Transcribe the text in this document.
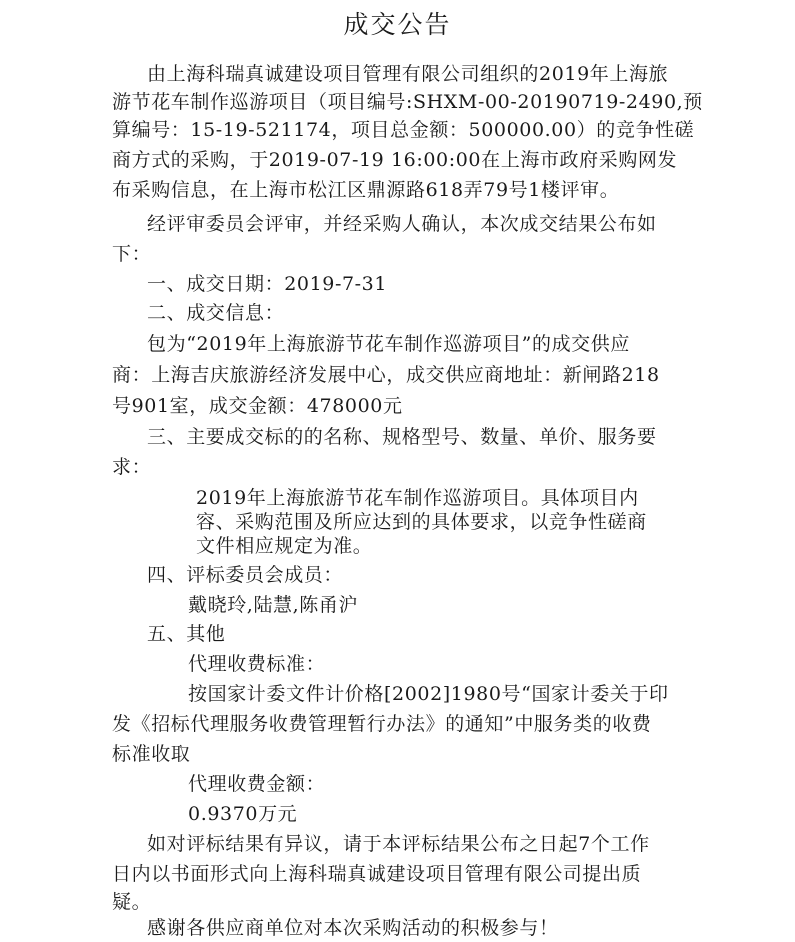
成交公告
由上海科瑞真诚建设项目管理有限公司组织的2019年上海旅
游节花车制作巡游项目（项目编号:SHXM-00-20190719-2490,预
算编号：15-19-521174，项目总金额：500000.00）的竞争性磋
商方式的采购，于2019-07-19 16:00:00在上海市政府采购网发
布采购信息，在上海市松江区鼎源路618弄79号1楼评审。
经评审委员会评审，并经采购人确认，本次成交结果公布如
下：
一、成交日期：2019-7-31
二、成交信息：
包为“2019年上海旅游节花车制作巡游项目”的成交供应
商：上海吉庆旅游经济发展中心，成交供应商地址：新闸路218
号901室，成交金额：478000元
三、主要成交标的的名称、规格型号、数量、单价、服务要
求：
2019年上海旅游节花车制作巡游项目。具体项目内
容、采购范围及所应达到的具体要求，以竞争性磋商
文件相应规定为准。
四、评标委员会成员：
戴晓玲,陆慧,陈甬沪
五、其他
代理收费标准：
按国家计委文件计价格[2002]1980号“国家计委关于印
发《招标代理服务收费管理暂行办法》的通知”中服务类的收费
标准收取
代理收费金额：
0.9370万元
如对评标结果有异议，请于本评标结果公布之日起7个工作
日内以书面形式向上海科瑞真诚建设项目管理有限公司提出质
疑。
感谢各供应商单位对本次采购活动的积极参与！
